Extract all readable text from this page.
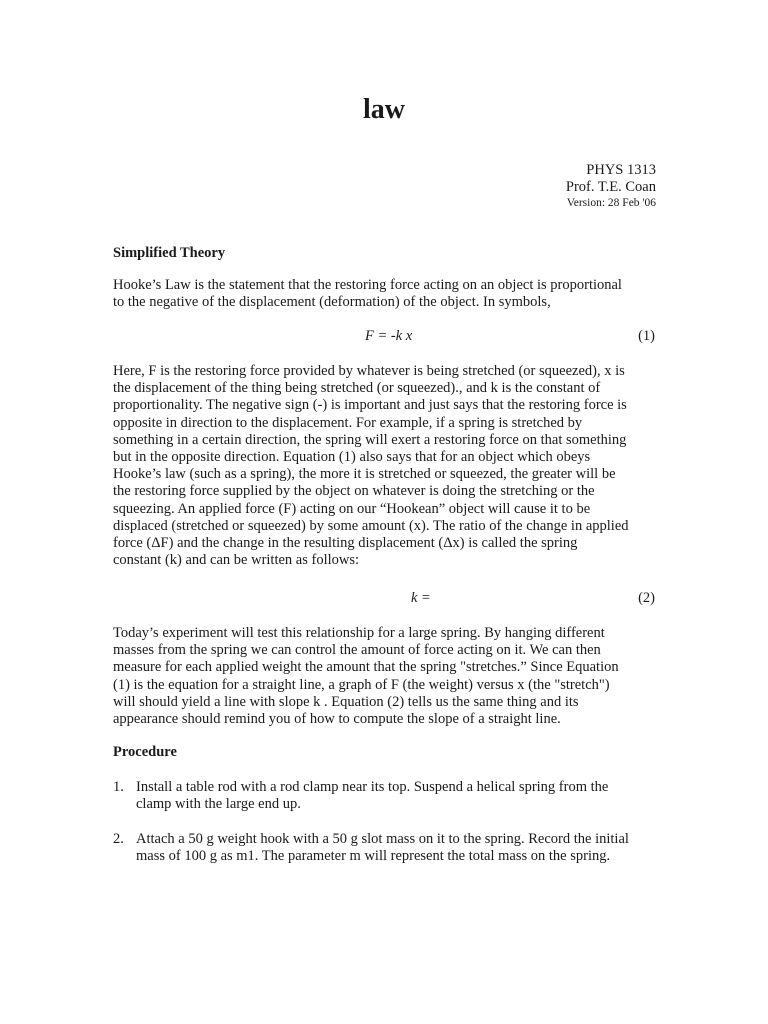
law
PHYS 1313
Prof. T.E. Coan
Version: 28 Feb '06
Simplified Theory
Hooke’s Law is the statement that the restoring force acting on an object is proportional
to the negative of the displacement (deformation) of the object. In symbols,
F = -k x	(1)
Here, F is the restoring force provided by whatever is being stretched (or squeezed), x is
the displacement of the thing being stretched (or squeezed)., and k is the constant of
proportionality. The negative sign (-) is important and just says that the restoring force is
opposite in direction to the displacement. For example, if a spring is stretched by
something in a certain direction, the spring will exert a restoring force on that something
but in the opposite direction. Equation (1) also says that for an object which obeys
Hooke’s law (such as a spring), the more it is stretched or squeezed, the greater will be
the restoring force supplied by the object on whatever is doing the stretching or the
squeezing. An applied force (F) acting on our “Hookean” object will cause it to be
displaced (stretched or squeezed) by some amount (x). The ratio of the change in applied
force (ΔF) and the change in the resulting displacement (Δx) is called the spring
constant (k) and can be written as follows:
k =	(2)
Today’s experiment will test this relationship for a large spring. By hanging different
masses from the spring we can control the amount of force acting on it. We can then
measure for each applied weight the amount that the spring "stretches.” Since Equation
(1) is the equation for a straight line, a graph of F (the weight) versus x (the "stretch")
will should yield a line with slope k . Equation (2) tells us the same thing and its
appearance should remind you of how to compute the slope of a straight line.
Procedure
1. Install a table rod with a rod clamp near its top. Suspend a helical spring from the
clamp with the large end up.
2. Attach a 50 g weight hook with a 50 g slot mass on it to the spring. Record the initial
mass of 100 g as m1. The parameter m will represent the total mass on the spring.
